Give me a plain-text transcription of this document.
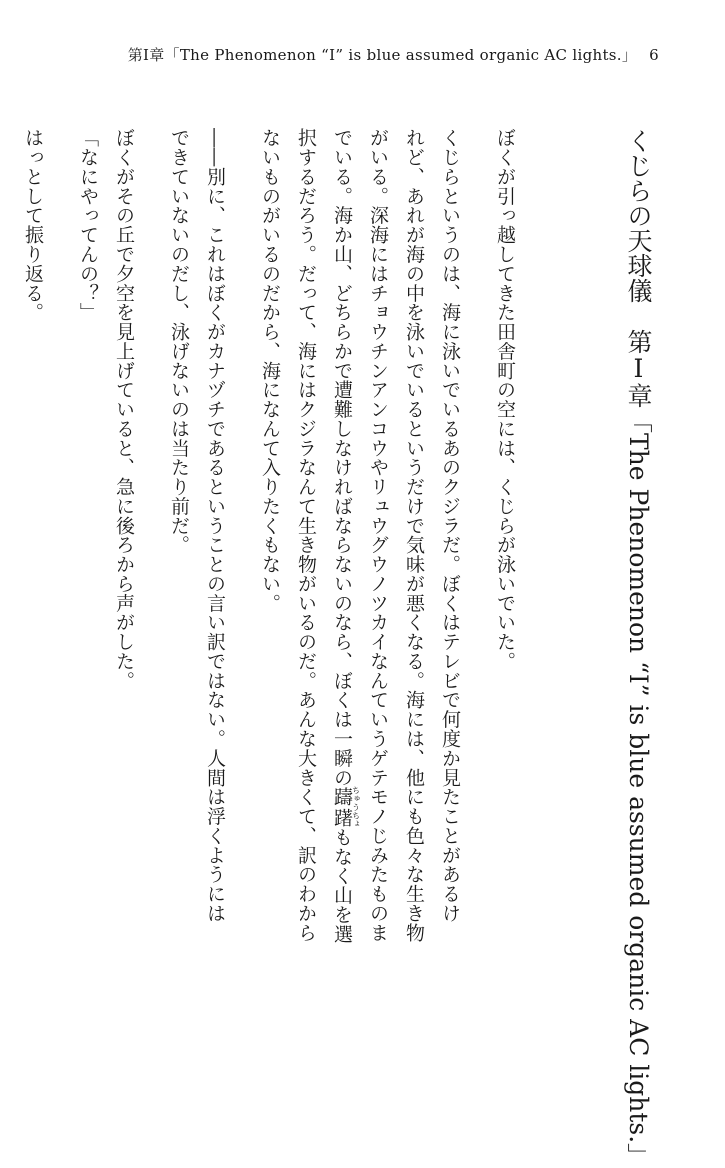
第Ⅰ章「The Phenomenon “I” is blue assumed organic AC lights.」 6
くじらの天球儀第Ⅰ章「The Phenomenon “I” is blue assumed organic AC lights.」

ぼくが引っ越してきた田舎町の空には、くじらが泳いでいた。

くじらというのは、海に泳いでいるあのクジラだ。ぼくはテレビで何度か見たことがあるけ

れど、あれが海の中を泳いでいるというだけで気味が悪くなる。海には、他にも色々な生き物

がいる。深海にはチョウチンアンコウやリュウグウノツカイなんていうゲテモノじみたものま

でいる。海か山、どちらかで遭難しなければならないのなら、ぼくは一瞬の躊躇ちゅうちょもなく山を選

択するだろう。だって、海にはクジラなんて生き物がいるのだ。あんな大きくて、訳のわから

ないものがいるのだから、海になんて入りたくもない。

――別に、これはぼくがカナヅチであるということの言い訳ではない。人間は浮くようには

できていないのだし、泳げないのは当たり前だ。

ぼくがその丘で夕空を見上げていると、急に後ろから声がした。

「なにやってんの？」

はっとして振り返る。
